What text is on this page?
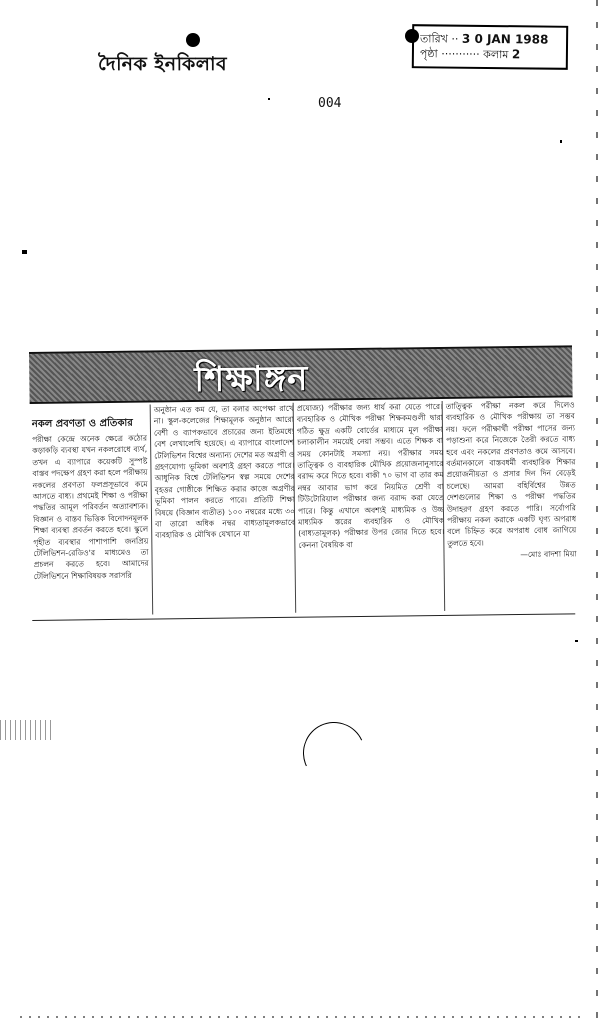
দৈনিক ইনকিলাব
তারিখ ·· 3 0 JAN 1988
পৃষ্ঠা ··········· কলাম 2
004
শিক্ষাঙ্গন
নকল প্রবণতা ও প্রতিকার
পরীক্ষা কেন্দ্রে অনেক ক্ষেত্রে কঠোর কড়াকড়ি ব্যবস্থা যখন নকলরোধে ব্যর্থ, তখন এ ব্যাপারে কয়েকটি সুস্পষ্ট বাস্তব পদক্ষেপ গ্রহণ করা হলে পরীক্ষায় নকলের প্রবণতা ফলপ্রসূভাবে কমে আসতে বাধ্য। প্রথমেই শিক্ষা ও পরীক্ষা পদ্ধতির আমূল পরিবর্তন অত্যাবশ্যক। বিজ্ঞান ও বাস্তব ভিত্তিক বিনোদনমূলক শিক্ষা ব্যবস্থা প্রবর্তন করতে হবে। স্কুলে গৃহীত ব্যবস্থার পাশাপাশি জনপ্রিয় টেলিভিশন-রেডিও'র মাধ্যমেও তা প্রচলন করতে হবে। আমাদের টেলিভিশনে শিক্ষাবিষয়ক সরাসরি
অনুষ্ঠান এত কম যে, তা বলার অপেক্ষা রাখে না। স্কুল-কলেজের শিক্ষামূলক অনুষ্ঠান আরো বেশী ও ব্যাপকভাবে প্রচারের জন্য ইতিমধ্যে বেশ লেখালেখি হয়েছে। এ ব্যাপারে বাংলাদেশ টেলিভিশন বিশ্বের অন্যান্য দেশের মত অগ্রণী ও গ্রহণযোগ্য ভূমিকা অবশ্যই গ্রহণ করতে পারে। আধুনিক বিশ্বে টেলিভিশন স্বল্প সময়ে দেশের বৃহত্তর গোষ্ঠীকে শিক্ষিত করার কাজে অগ্রণীর ভূমিকা পালন করতে পারে। প্রতিটি শিক্ষা বিষয়ে (বিজ্ঞান ব্যতীত) ১০০ নম্বরের মধ্যে ৩০ বা তারো অধিক নম্বর বাধ্যতামূলকভাবে ব্যবহারিক ও মৌখিক যেখানে যা
প্রযোজ্য) পরীক্ষার জন্য ধার্য করা যেতে পারে। ব্যবহারিক ও মৌখিক পরীক্ষা শিক্ষকমণ্ডলী দ্বারা গঠিত ক্ষুদ্র একটি বোর্ডের মাধ্যমে মূল পরীক্ষা চলাকালীন সময়েই নেয়া সম্ভব। এতে শিক্ষক বা সময় কোনটাই সমস্যা নয়। পরীক্ষার সময় তাত্ত্বিক ও ব্যবহারিক মৌখিক প্রয়োজনানুসারে বরাদ্দ করে দিতে হবে। বাকী ৭০ ভাগ বা তার কম নম্বর আবার ভাগ করে নিয়মিত শ্রেণী বা টিউটোরিয়াল পরীক্ষার জন্য বরাদ্দ করা যেতে পারে। কিন্তু এখানে অবশ্যই মাধ্যমিক ও উচ্চ মাধ্যমিক স্তরের ব্যবহারিক ও মৌখিক (বাধ্যতামূলক) পরীক্ষার উপর জোর দিতে হবে। কেননা বৈষয়িক বা
তাত্ত্বিক পরীক্ষা নকল করে দিলেও ব্যবহারিক ও মৌখিক পরীক্ষায় তা সম্ভব নয়। ফলে পরীক্ষার্থী পরীক্ষা পাসের জন্য পড়াশুনা করে নিজেকে তৈরী করতে বাধ্য হবে এবং নকলের প্রবণতাও কমে আসবে। বর্তমানকালে বাস্তবধর্মী ব্যবহারিক শিক্ষার প্রয়োজনীয়তা ও প্রসার দিন দিন বেড়েই চলেছে। আমরা বহির্বিশ্বের উন্নত দেশগুলোর শিক্ষা ও পরীক্ষা পদ্ধতির উদাহরণ গ্রহণ করতে পারি। সর্বোপরি পরীক্ষায় নকল করাকে একটি ঘৃণ্য অপরাধ বলে চিহ্নিত করে অপরাধ বোধ জাগিয়ে তুলতে হবে।
—মোঃ বাদশা মিয়া
